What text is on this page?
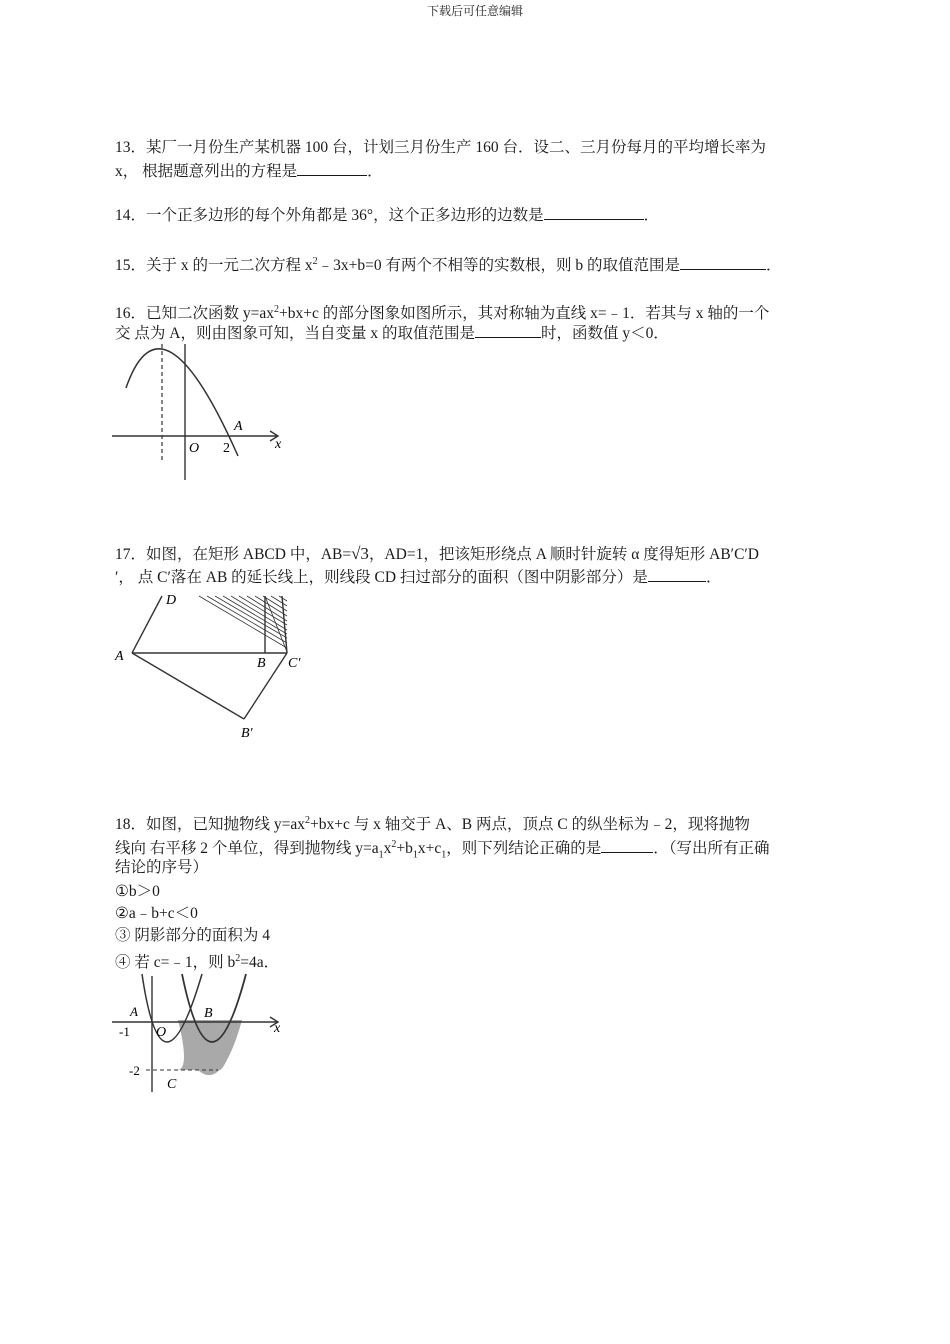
下载后可任意编辑
13．某厂一月份生产某机器 100 台，计划三月份生产 160 台．设二、三月份每月的平均增长率为
x， 根据题意列出的方程是	．
14．一个正多边形的每个外角都是 36°，这个正多边形的边数是	．
15．关于 x 的一元二次方程 $x^2﹣3x+b=0$ 有两个不相等的实数根，则 b 的取值范围是	．
16．已知二次函数 $y=ax^2+bx+c$ 的部分图象如图所示，其对称轴为直线 x=﹣1．若其与 x 轴的一个
交 点为 A，则由图象可知，当自变量 x 的取值范围是	时，函数值 y＜0．
A
O 2	x
17．如图，在矩形 ABCD 中，AB=√3，AD=1，把该矩形绕点 A 顺时针旋转 α 度得矩形 AB′C′D
′， 点 C′落在 AB 的延长线上，则线段 CD 扫过部分的面积（图中阴影部分）是	．
D
A	B C′
B′
18．如图，已知抛物线 $y=ax^2+bx+c$ 与 x 轴交于 A、B 两点，顶点 C 的纵坐标为﹣2，现将抛物
线向 右平移 2 个单位，得到抛物线 $y=a_1x^2+b_1x+c_1$，则下列结论正确的是	．（写出所有正确
结论的序号）
①b＞0
②a﹣b+c＜0
③ 阴影部分的面积为 4
④ 若 c=﹣1，则 $b^2=4a$．
A	B
O
C
-1
-2
x
